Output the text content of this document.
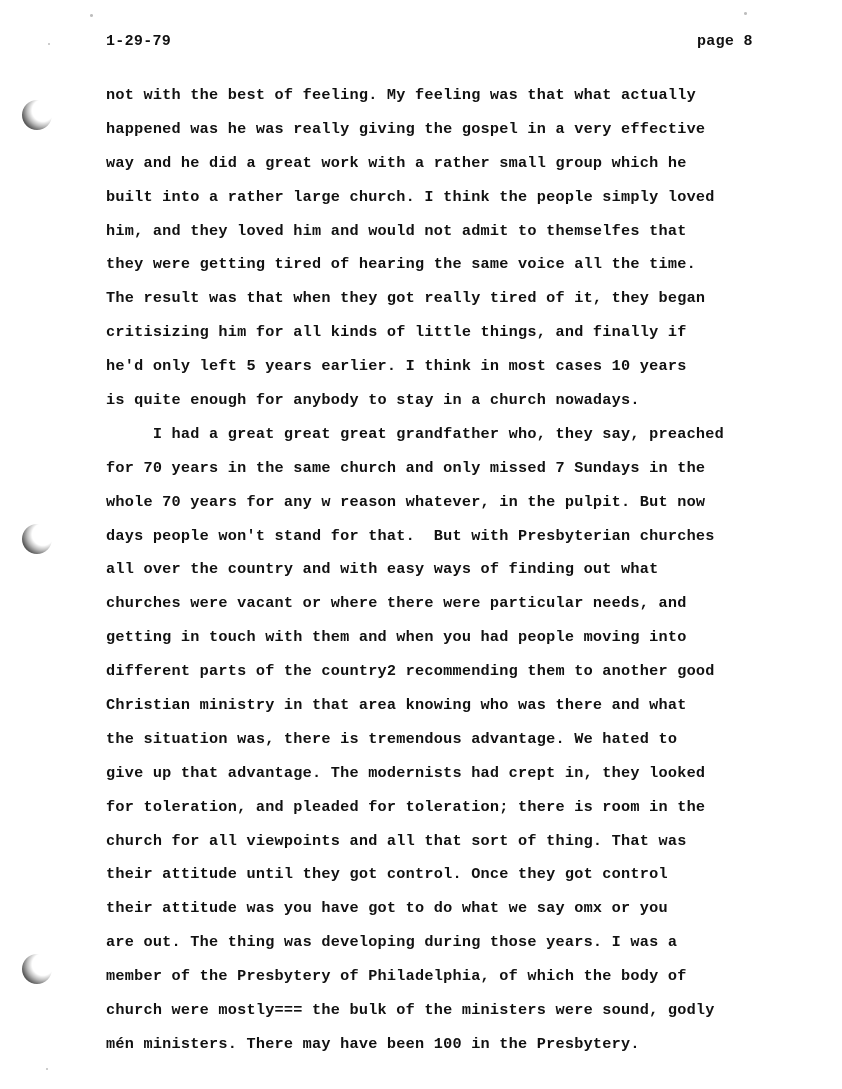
1-29-79	page 8
not with the best of feeling. My feeling was that what actually
happened was he was really giving the gospel in a very effective
way and he did a great work with a rather small group which he
built into a rather large church. I think the people simply loved
him, and they loved him and would not admit to themselfes that
they were getting tired of hearing the same voice all the time.
The result was that when they got really tired of it, they began
critisizing him for all kinds of little things, and finally if
he'd only left 5 years earlier. I think in most cases 10 years
is quite enough for anybody to stay in a church nowadays.
I had a great great great grandfather who, they say, preached
for 70 years in the same church and only missed 7 Sundays in the
whole 70 years for any w reason whatever, in the pulpit. But now
days people won't stand for that.  But with Presbyterian churches
all over the country and with easy ways of finding out what
churches were vacant or where there were particular needs, and
getting in touch with them and when you had people moving into
different parts of the country2 recommending them to another good
Christian ministry in that area knowing who was there and what
the situation was, there is tremendous advantage. We hated to
give up that advantage. The modernists had crept in, they looked
for toleration, and pleaded for toleration; there is room in the
church for all viewpoints and all that sort of thing. That was
their attitude until they got control. Once they got control
their attitude was you have got to do what we say omx or you
are out. The thing was developing during those years. I was a
member of the Presbytery of Philadelphia, of which the body of
church were mostly=== the bulk of the ministers were sound, godly
mén ministers. There may have been 100 in the Presbytery.
